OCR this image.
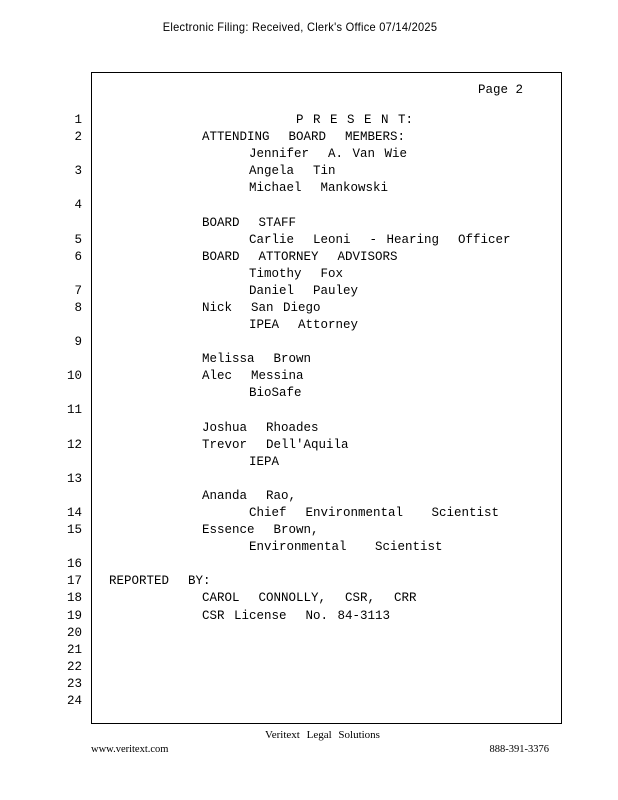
Electronic Filing: Received, Clerk's Office 07/14/2025
Page 2
1	P R E S E N T:
2	ATTENDING  BOARD  MEMBERS:
Jennifer  A. Van Wie
3	Angela  Tin
Michael  Mankowski
4
BOARD  STAFF
5	Carlie  Leoni  - Hearing  Officer
6	BOARD  ATTORNEY  ADVISORS
Timothy  Fox
7	Daniel  Pauley
8	Nick  San Diego
IPEA  Attorney
9
Melissa  Brown
10	Alec  Messina
BioSafe
11
Joshua  Rhoades
12	Trevor  Dell'Aquila
IEPA
13
Ananda  Rao,
14	Chief  Environmental   Scientist
15	Essence  Brown,
Environmental   Scientist
16
17 REPORTED  BY:
18	CAROL  CONNOLLY,  CSR,  CRR
19	CSR License  No. 84-3113
20
21
22
23
24
Veritext Legal Solutions
www.veritext.com	888-391-3376
